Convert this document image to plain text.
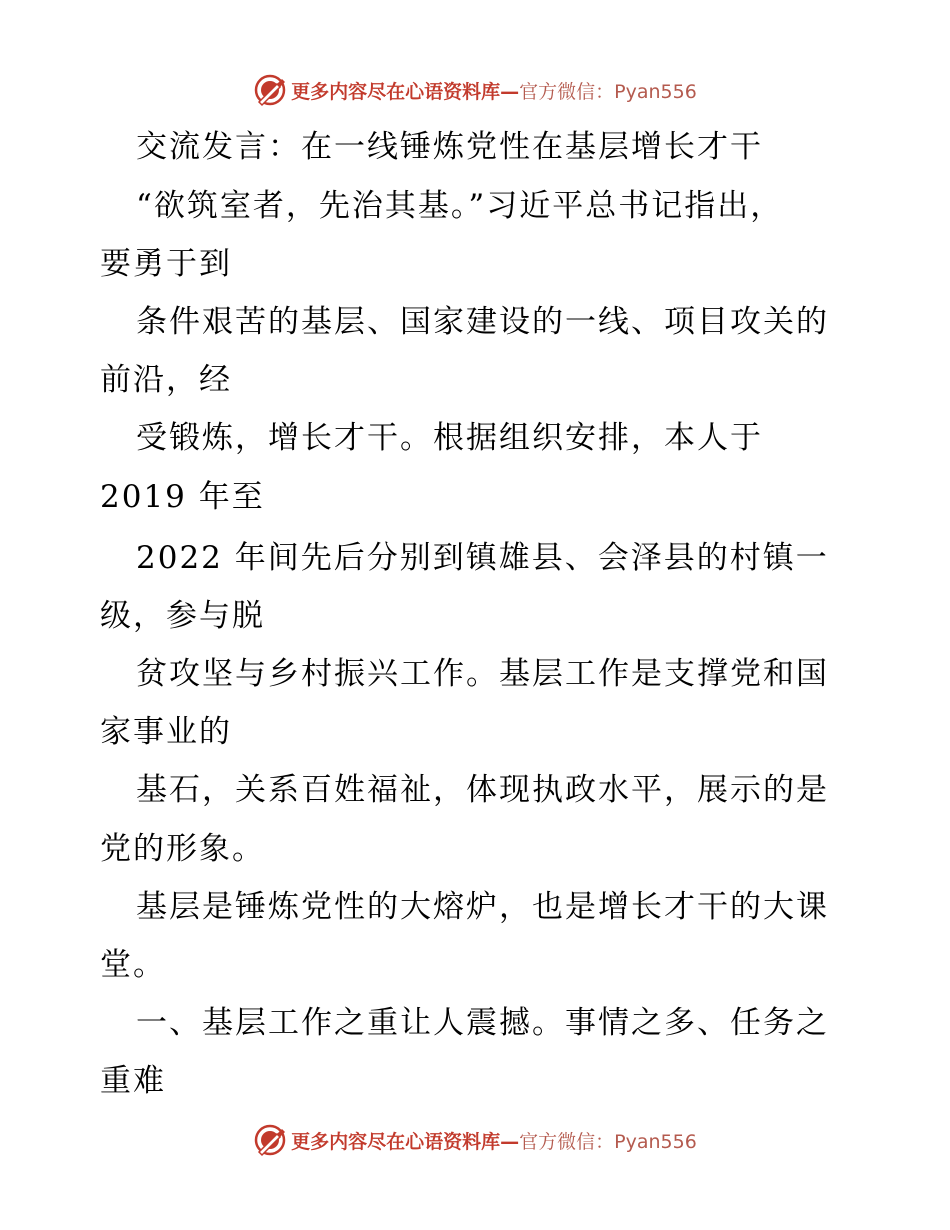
更多内容尽在心语资料库—官方微信：Pyan556
交流发言：在一线锤炼党性在基层增长才干
“欲筑室者，先治其基。”习近平总书记指出，
要勇于到
条件艰苦的基层、国家建设的一线、项目攻关的
前沿，经
受锻炼，增长才干。根据组织安排，本人于
2019 年至
2022 年间先后分别到镇雄县、会泽县的村镇一
级，参与脱
贫攻坚与乡村振兴工作。基层工作是支撑党和国
家事业的
基石，关系百姓福祉，体现执政水平，展示的是
党的形象。
基层是锤炼党性的大熔炉，也是增长才干的大课
堂。
一、基层工作之重让人震撼。事情之多、任务之
重难
更多内容尽在心语资料库—官方微信：Pyan556
